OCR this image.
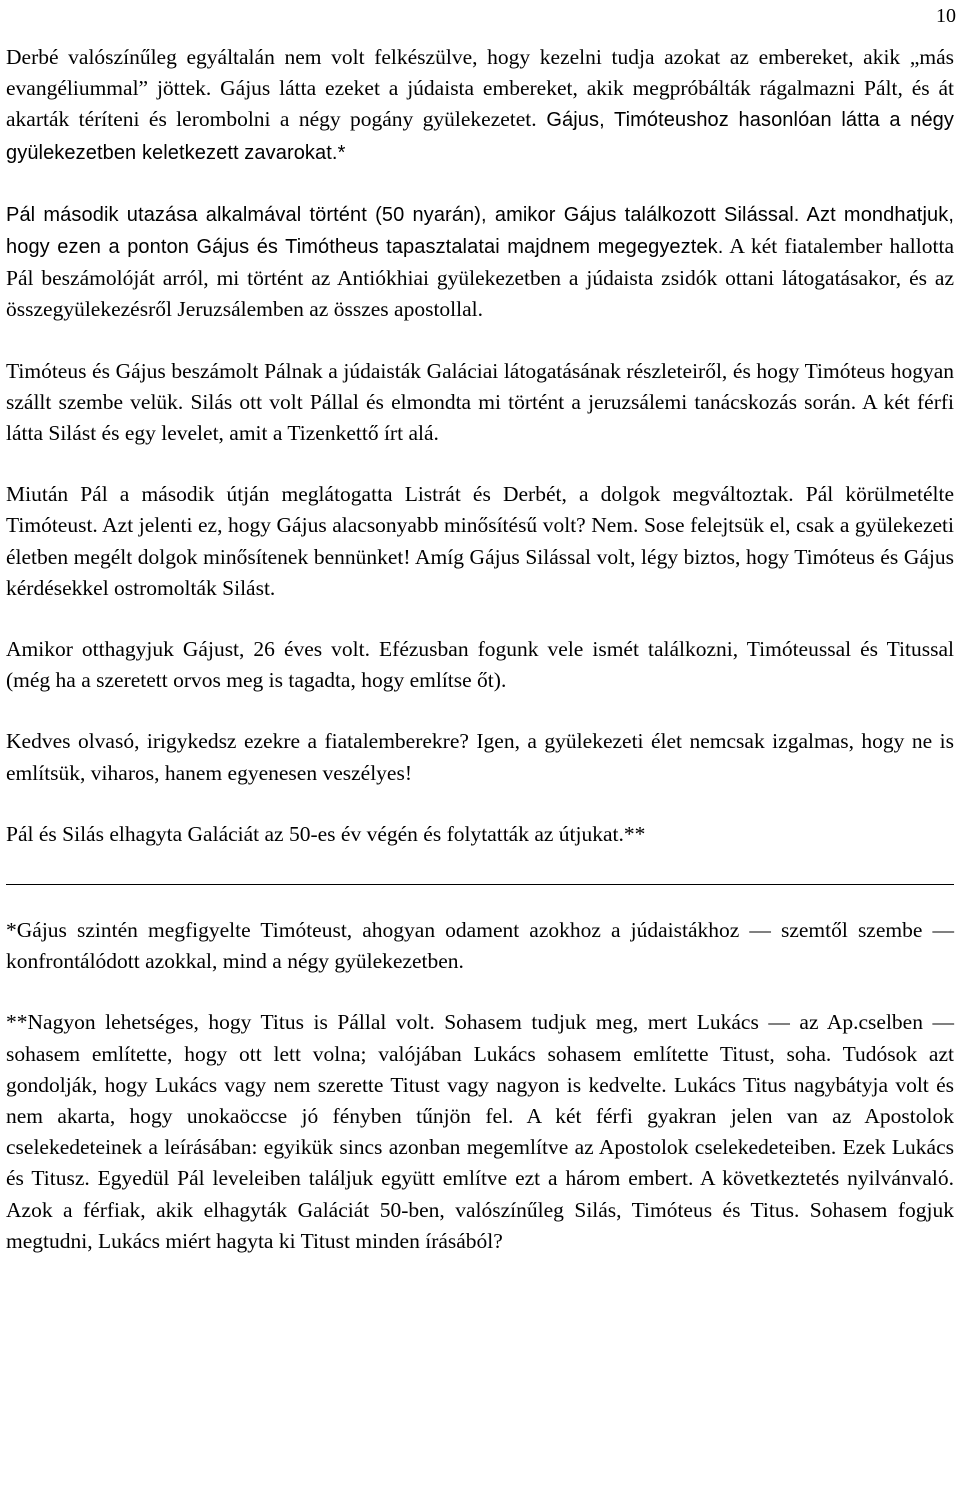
10

Derbé valószínűleg egyáltalán nem volt felkészülve, hogy kezelni tudja azokat az embereket, akik „más evangéliummal” jöttek. Gájus látta ezeket a júdaista embereket, akik megpróbálták rágalmazni Pált, és át akarták téríteni és lerombolni a négy pogány gyülekezetet. Gájus, Timóteushoz hasonlóan látta a négy gyülekezetben keletkezett zavarokat.*

Pál második utazása alkalmával történt (50 nyarán), amikor Gájus találkozott Silással. Azt mondhatjuk, hogy ezen a ponton Gájus és Timótheus tapasztalatai majdnem megegyeztek. A két fiatalember hallotta Pál beszámolóját arról, mi történt az Antiókhiai gyülekezetben a júdaista zsidók ottani látogatásakor, és az összegyülekezésről Jeruzsálemben az összes apostollal.

Timóteus és Gájus beszámolt Pálnak a júdaisták Galáciai látogatásának részleteiről, és hogy Timóteus hogyan szállt szembe velük. Silás ott volt Pállal és elmondta mi történt a jeruzsálemi tanácskozás során. A két férfi látta Silást és egy levelet, amit a Tizenkettő írt alá.

Miután Pál a második útján meglátogatta Listrát és Derbét, a dolgok megváltoztak. Pál körülmetélte Timóteust. Azt jelenti ez, hogy Gájus alacsonyabb minősítésű volt? Nem. Sose felejtsük el, csak a gyülekezeti életben megélt dolgok minősítenek bennünket! Amíg Gájus Silással volt, légy biztos, hogy Timóteus és Gájus kérdésekkel ostromolták Silást.

Amikor otthagyjuk Gájust, 26 éves volt. Efézusban fogunk vele ismét találkozni, Timóteussal és Titussal (még ha a szeretett orvos meg is tagadta, hogy említse őt).

Kedves olvasó, irigykedsz ezekre a fiatalemberekre? Igen, a gyülekezeti élet nemcsak izgalmas, hogy ne is említsük, viharos, hanem egyenesen veszélyes!

Pál és Silás elhagyta Galáciát az 50-es év végén és folytatták az útjukat.**

*Gájus szintén megfigyelte Timóteust, ahogyan odament azokhoz a júdaistákhoz — szemtől szembe — konfrontálódott azokkal, mind a négy gyülekezetben.

**Nagyon lehetséges, hogy Titus is Pállal volt. Sohasem tudjuk meg, mert Lukács — az Ap.cselben — sohasem említette, hogy ott lett volna; valójában Lukács sohasem említette Titust, soha. Tudósok azt gondolják, hogy Lukács vagy nem szerette Titust vagy nagyon is kedvelte. Lukács Titus nagybátyja volt és nem akarta, hogy unokaöccse jó fényben tűnjön fel. A két férfi gyakran jelen van az Apostolok cselekedeteinek a leírásában: egyikük sincs azonban megemlítve az Apostolok cselekedeteiben. Ezek Lukács és Titusz. Egyedül Pál leveleiben találjuk együtt említve ezt a három embert. A következtetés nyilvánvaló. Azok a férfiak, akik elhagyták Galáciát 50-ben, valószínűleg Silás, Timóteus és Titus. Sohasem fogjuk megtudni, Lukács miért hagyta ki Titust minden írásából?
